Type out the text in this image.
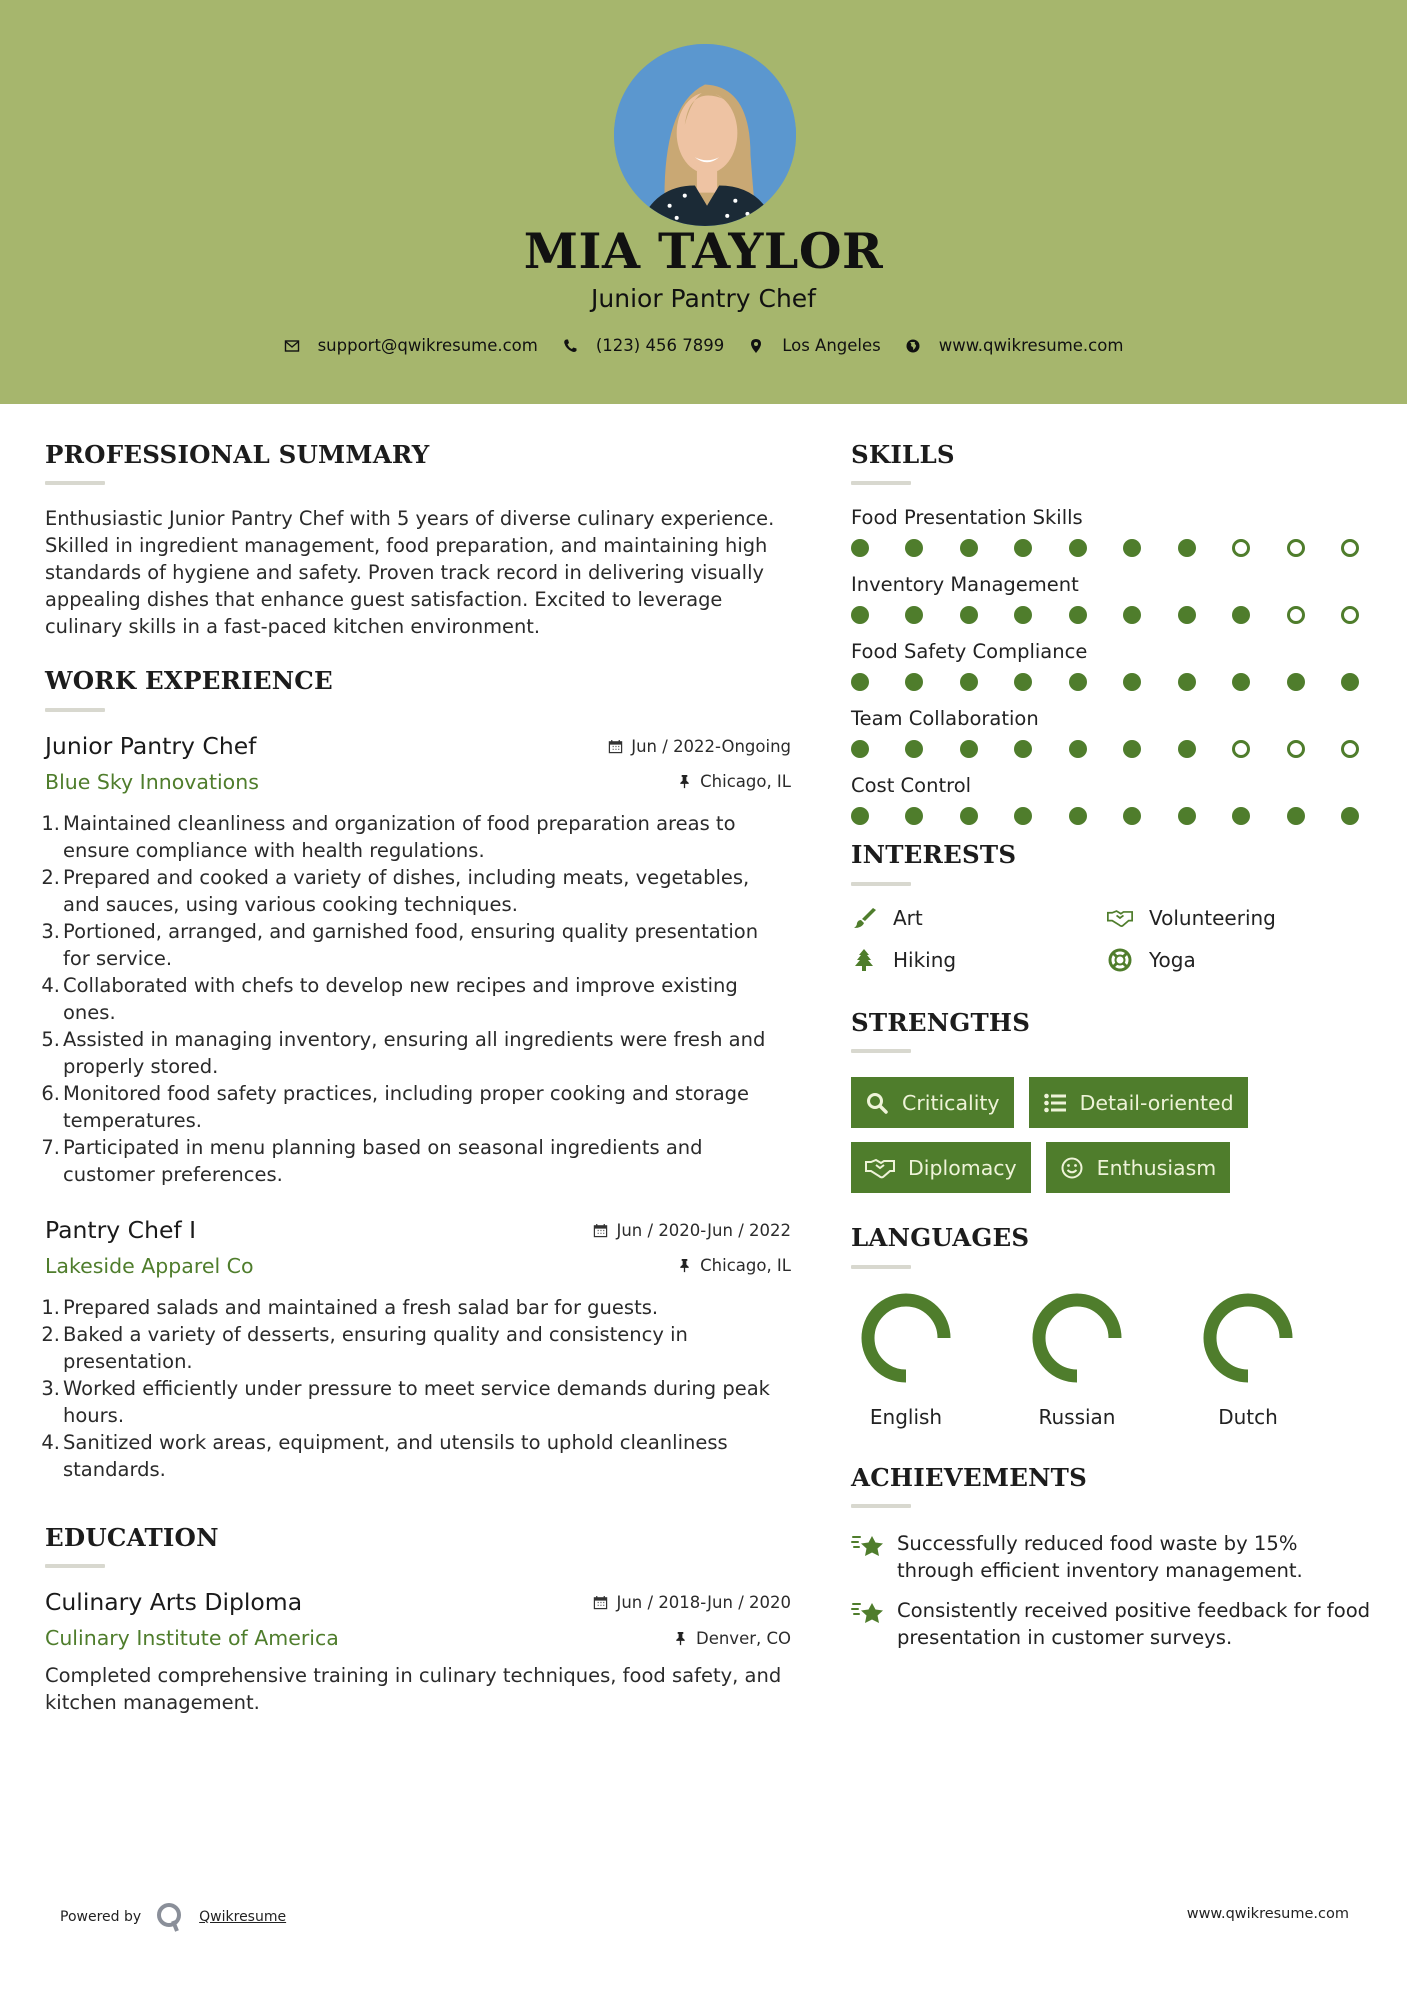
MIA TAYLOR
Junior Pantry Chef
support@qwikresume.com	(123) 456 7899	Los Angeles	www.qwikresume.com
PROFESSIONAL SUMMARY

Enthusiastic Junior Pantry Chef with 5 years of diverse culinary experience. Skilled in ingredient management, food preparation, and maintaining high standards of hygiene and safety. Proven track record in delivering visually appealing dishes that enhance guest satisfaction. Excited to leverage culinary skills in a fast-paced kitchen environment.

WORK EXPERIENCE
Junior Pantry Chef	Jun / 2022-Ongoing
Blue Sky Innovations	Chicago, IL
1. Maintained cleanliness and organization of food preparation areas to ensure compliance with health regulations.
2. Prepared and cooked a variety of dishes, including meats, vegetables, and sauces, using various cooking techniques.
3. Portioned, arranged, and garnished food, ensuring quality presentation for service.
4. Collaborated with chefs to develop new recipes and improve existing ones.
5. Assisted in managing inventory, ensuring all ingredients were fresh and properly stored.
6. Monitored food safety practices, including proper cooking and storage temperatures.
7. Participated in menu planning based on seasonal ingredients and customer preferences.
Pantry Chef I	Jun / 2020-Jun / 2022
Lakeside Apparel Co	Chicago, IL
1. Prepared salads and maintained a fresh salad bar for guests.
2. Baked a variety of desserts, ensuring quality and consistency in presentation.
3. Worked efficiently under pressure to meet service demands during peak hours.
4. Sanitized work areas, equipment, and utensils to uphold cleanliness standards.
EDUCATION
Culinary Arts Diploma	Jun / 2018-Jun / 2020
Culinary Institute of America	Denver, CO

Completed comprehensive training in culinary techniques, food safety, and kitchen management.

SKILLS
Food Presentation Skills
Inventory Management
Food Safety Compliance
Team Collaboration
Cost Control
INTERESTS
Art	Volunteering
Hiking	Yoga
STRENGTHS
Criticality	Detail-oriented
Diplomacy	Enthusiasm
LANGUAGES
English	Russian	Dutch
ACHIEVEMENTS
Successfully reduced food waste by 15% through efficient inventory management.
Consistently received positive feedback for food presentation in customer surveys.
Powered by	Qwikresume	www.qwikresume.com
